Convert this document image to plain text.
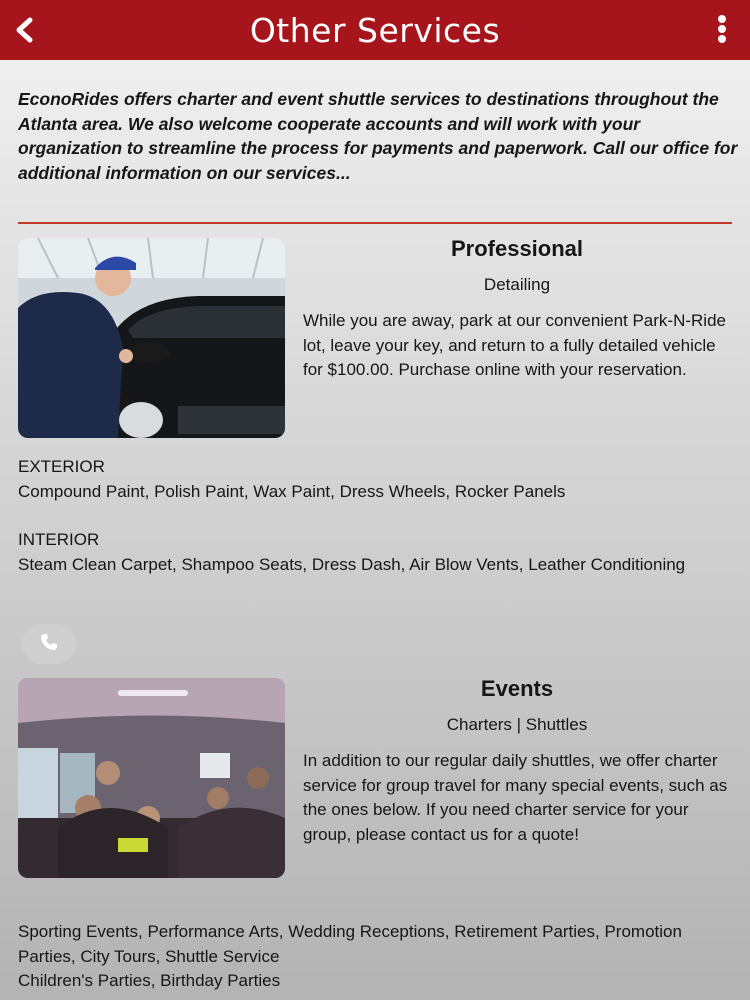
Other Services
EconoRides offers charter and event shuttle services to destinations throughout the Atlanta area. We also welcome cooperate accounts and will work with your organization to streamline the process for payments and paperwork. Call our office for additional information on our services...
Professional
Detailing
While you are away, park at our convenient Park-N-Ride lot, leave your key, and return to a fully detailed vehicle for $100.00. Purchase online with your reservation.
EXTERIOR
Compound Paint, Polish Paint, Wax Paint, Dress Wheels, Rocker Panels
INTERIOR
Steam Clean Carpet, Shampoo Seats, Dress Dash, Air Blow Vents, Leather Conditioning
Events
Charters | Shuttles
In addition to our regular daily shuttles, we offer charter service for group travel for many special events, such as the ones below. If you need charter service for your group, please contact us for a quote!
Sporting Events, Performance Arts, Wedding Receptions, Retirement Parties, Promotion Parties, City Tours, Shuttle Service
Children's Parties, Birthday Parties
